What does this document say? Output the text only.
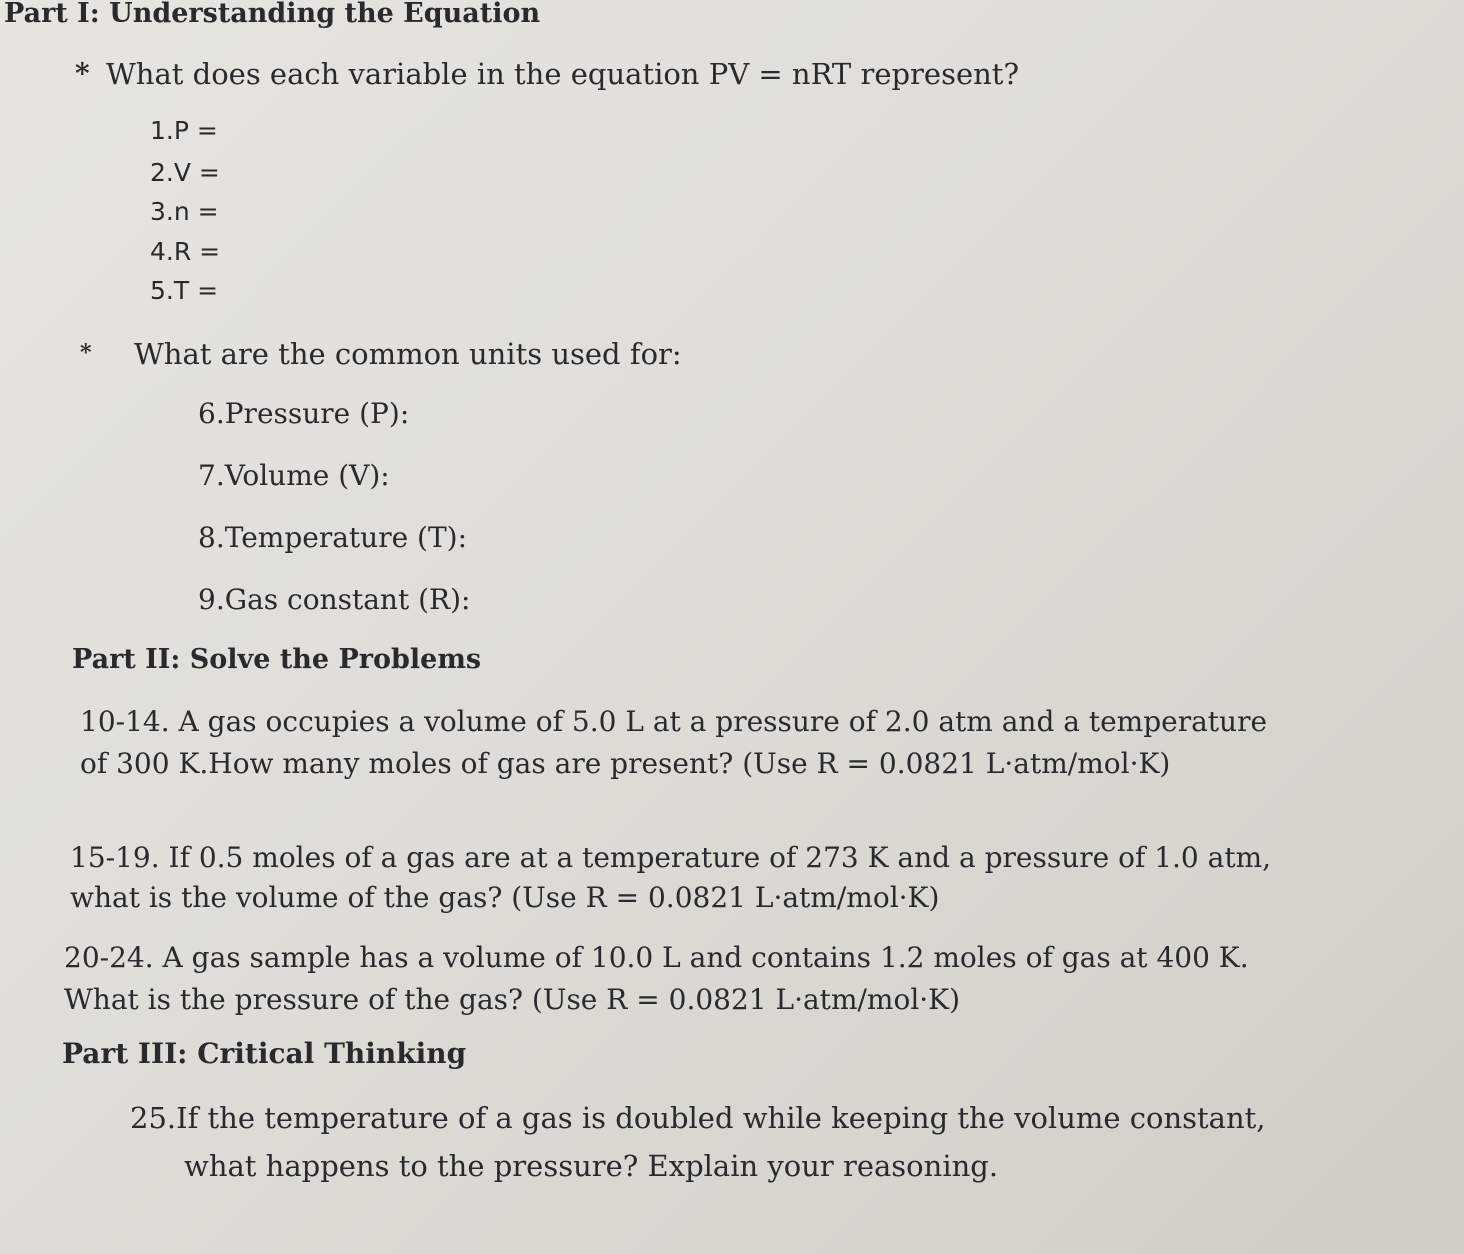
Part I: Understanding the Equation
* What does each variable in the equation PV = nRT represent?
1.P =
2.V =
3.n =
4.R =
5.T =
* What are the common units used for:
6.Pressure (P):
7.Volume (V):
8.Temperature (T):
9.Gas constant (R):
Part II: Solve the Problems
10-14. A gas occupies a volume of 5.0 L at a pressure of 2.0 atm and a temperature
of 300 K.How many moles of gas are present? (Use R = 0.0821 L·atm/mol·K)
15-19. If 0.5 moles of a gas are at a temperature of 273 K and a pressure of 1.0 atm,
what is the volume of the gas? (Use R = 0.0821 L·atm/mol·K)
20-24. A gas sample has a volume of 10.0 L and contains 1.2 moles of gas at 400 K.
What is the pressure of the gas? (Use R = 0.0821 L·atm/mol·K)
Part III: Critical Thinking
25.If the temperature of a gas is doubled while keeping the volume constant,
what happens to the pressure? Explain your reasoning.
